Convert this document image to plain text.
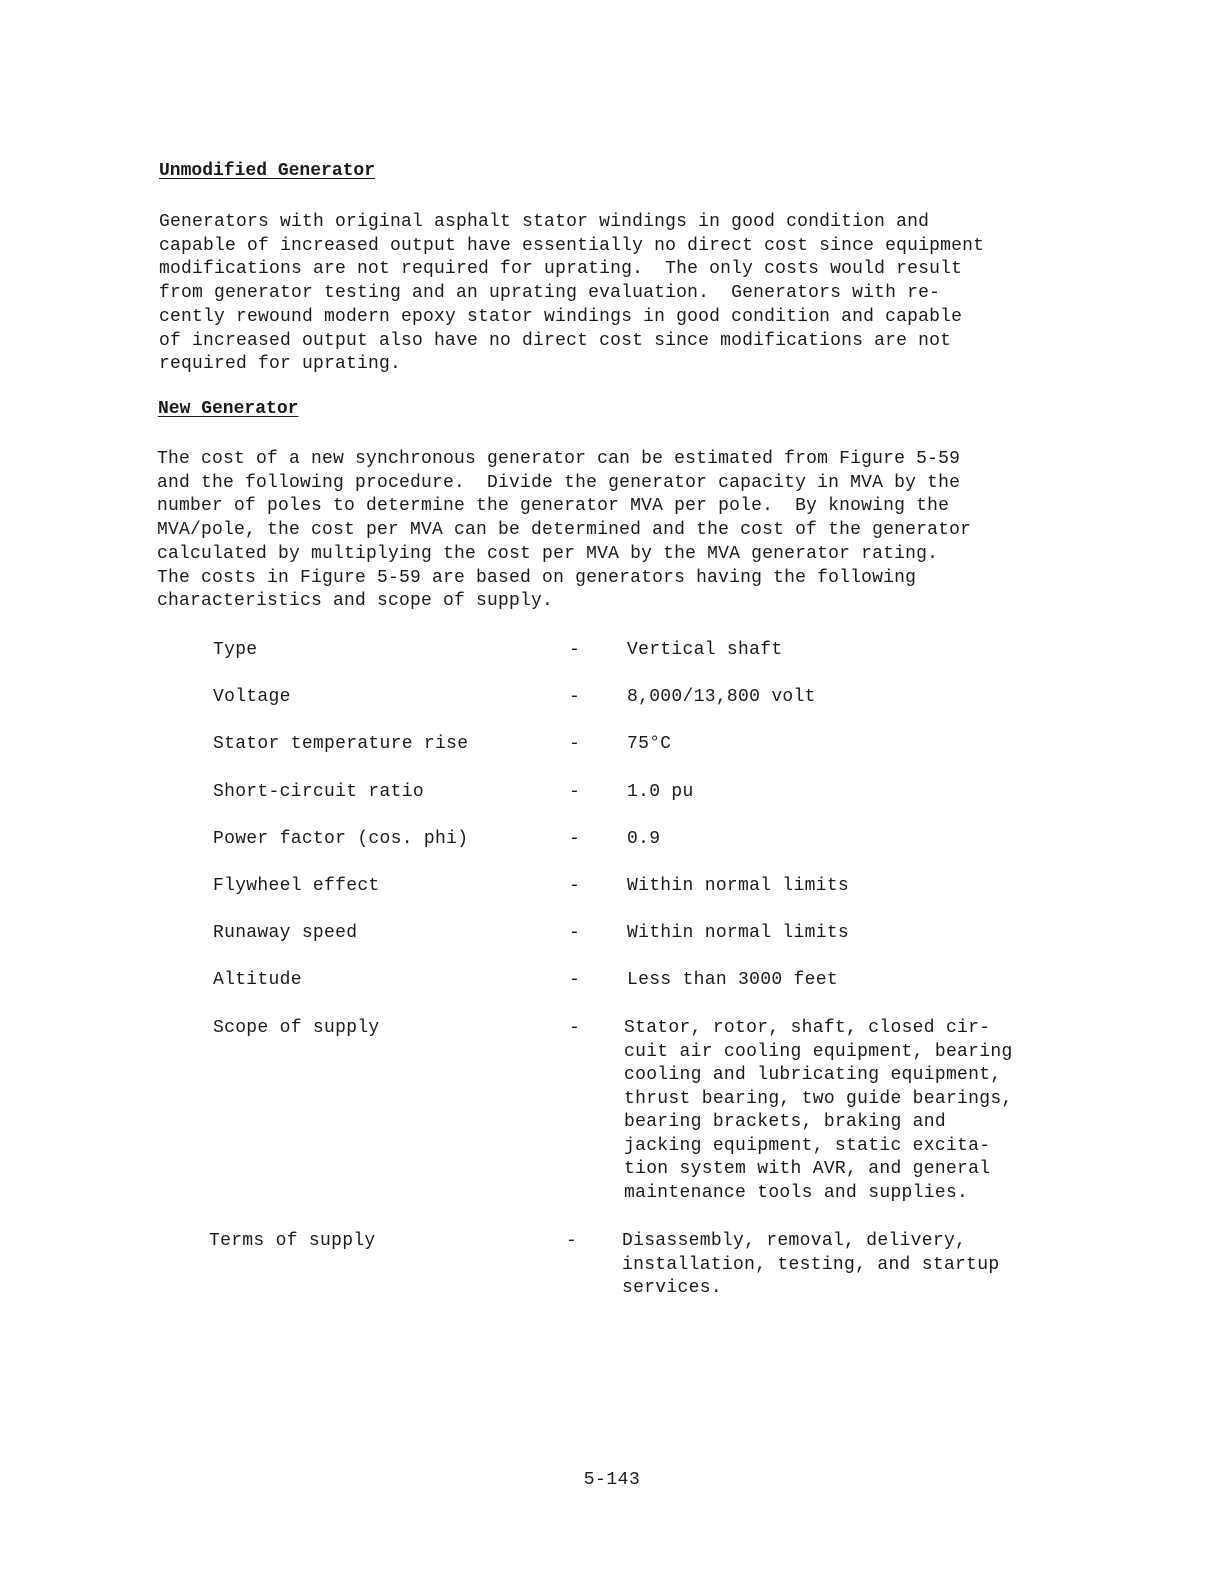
Unmodified Generator
Generators with original asphalt stator windings in good condition and
capable of increased output have essentially no direct cost since equipment
modifications are not required for uprating.  The only costs would result
from generator testing and an uprating evaluation.  Generators with re-
cently rewound modern epoxy stator windings in good condition and capable
of increased output also have no direct cost since modifications are not
required for uprating.
New Generator
The cost of a new synchronous generator can be estimated from Figure 5-59
and the following procedure.  Divide the generator capacity in MVA by the
number of poles to determine the generator MVA per pole.  By knowing the
MVA/pole, the cost per MVA can be determined and the cost of the generator
calculated by multiplying the cost per MVA by the MVA generator rating.
The costs in Figure 5-59 are based on generators having the following
characteristics and scope of supply.
Type	-	Vertical shaft
Voltage	-	8,000/13,800 volt
Stator temperature rise	-	75°C
Short-circuit ratio	-	1.0 pu
Power factor (cos. phi)	-	0.9
Flywheel effect	-	Within normal limits
Runaway speed	-	Within normal limits
Altitude	-	Less than 3000 feet
Scope of supply	- Stator, rotor, shaft, closed cir-
cuit air cooling equipment, bearing
cooling and lubricating equipment,
thrust bearing, two guide bearings,
bearing brackets, braking and
jacking equipment, static excita-
tion system with AVR, and general
maintenance tools and supplies.
Terms of supply	-	Disassembly, removal, delivery,
installation, testing, and startup
services.
5-143
